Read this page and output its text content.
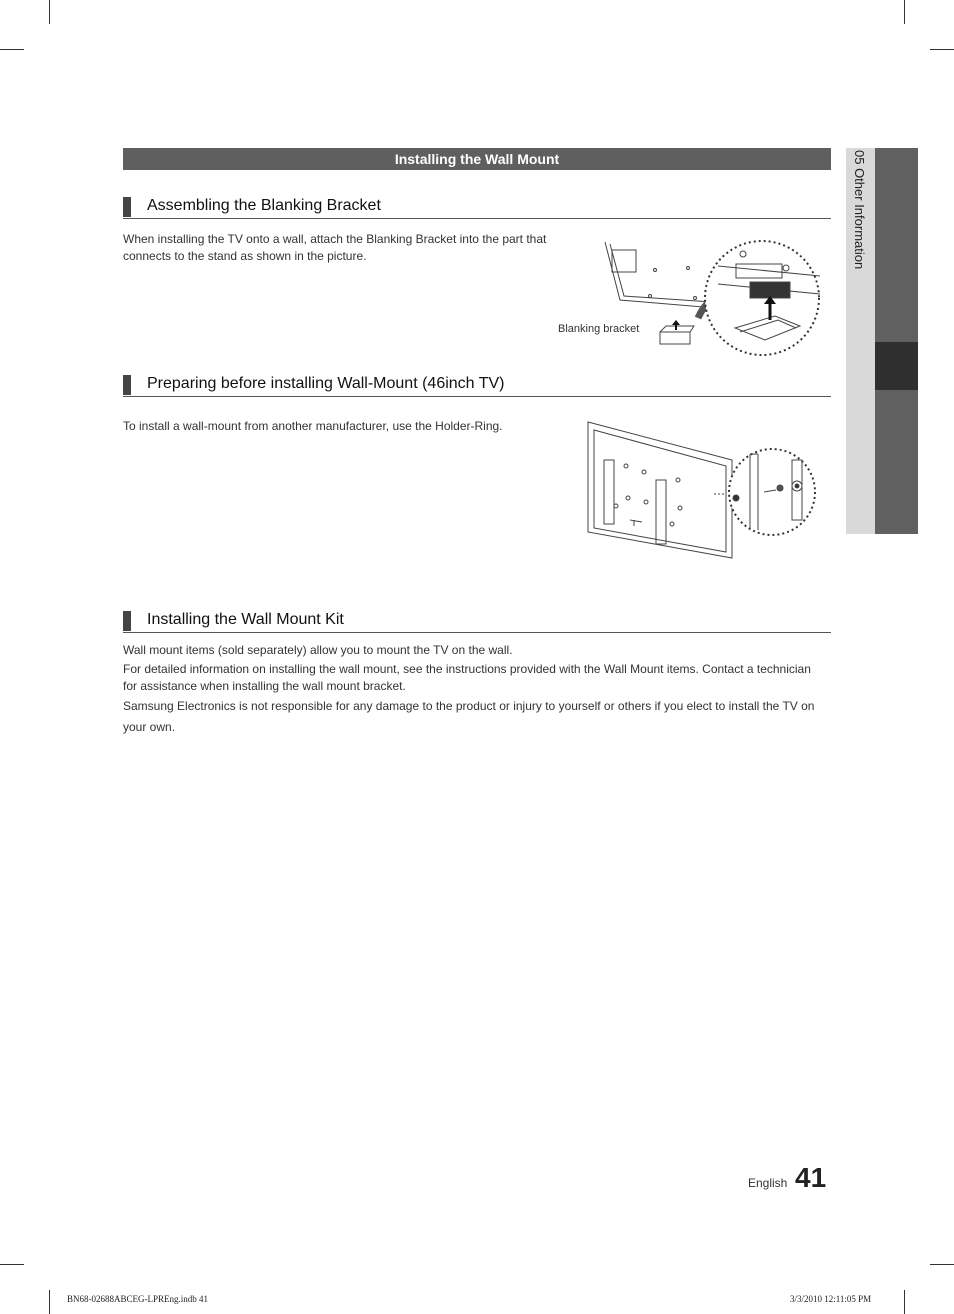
Installing the Wall Mount	05 Other Information
Assembling the Blanking Bracket
When installing the TV onto a wall, attach the Blanking Bracket into the part that connects to the stand as shown in the picture.
Blanking bracket
Preparing before installing Wall-Mount (46inch TV)
To install a wall-mount from another manufacturer, use the Holder-Ring.
Installing the Wall Mount Kit
Wall mount items (sold separately) allow you to mount the TV on the wall.
For detailed information on installing the wall mount, see the instructions provided with the Wall Mount items. Contact a technician for assistance when installing the wall mount bracket.
Samsung Electronics is not responsible for any damage to the product or injury to yourself or others if you elect to install the TV on your own.
English 41
BN68-02688ABCEG-LPREng.indb 41	3/3/2010 12:11:05 PM
